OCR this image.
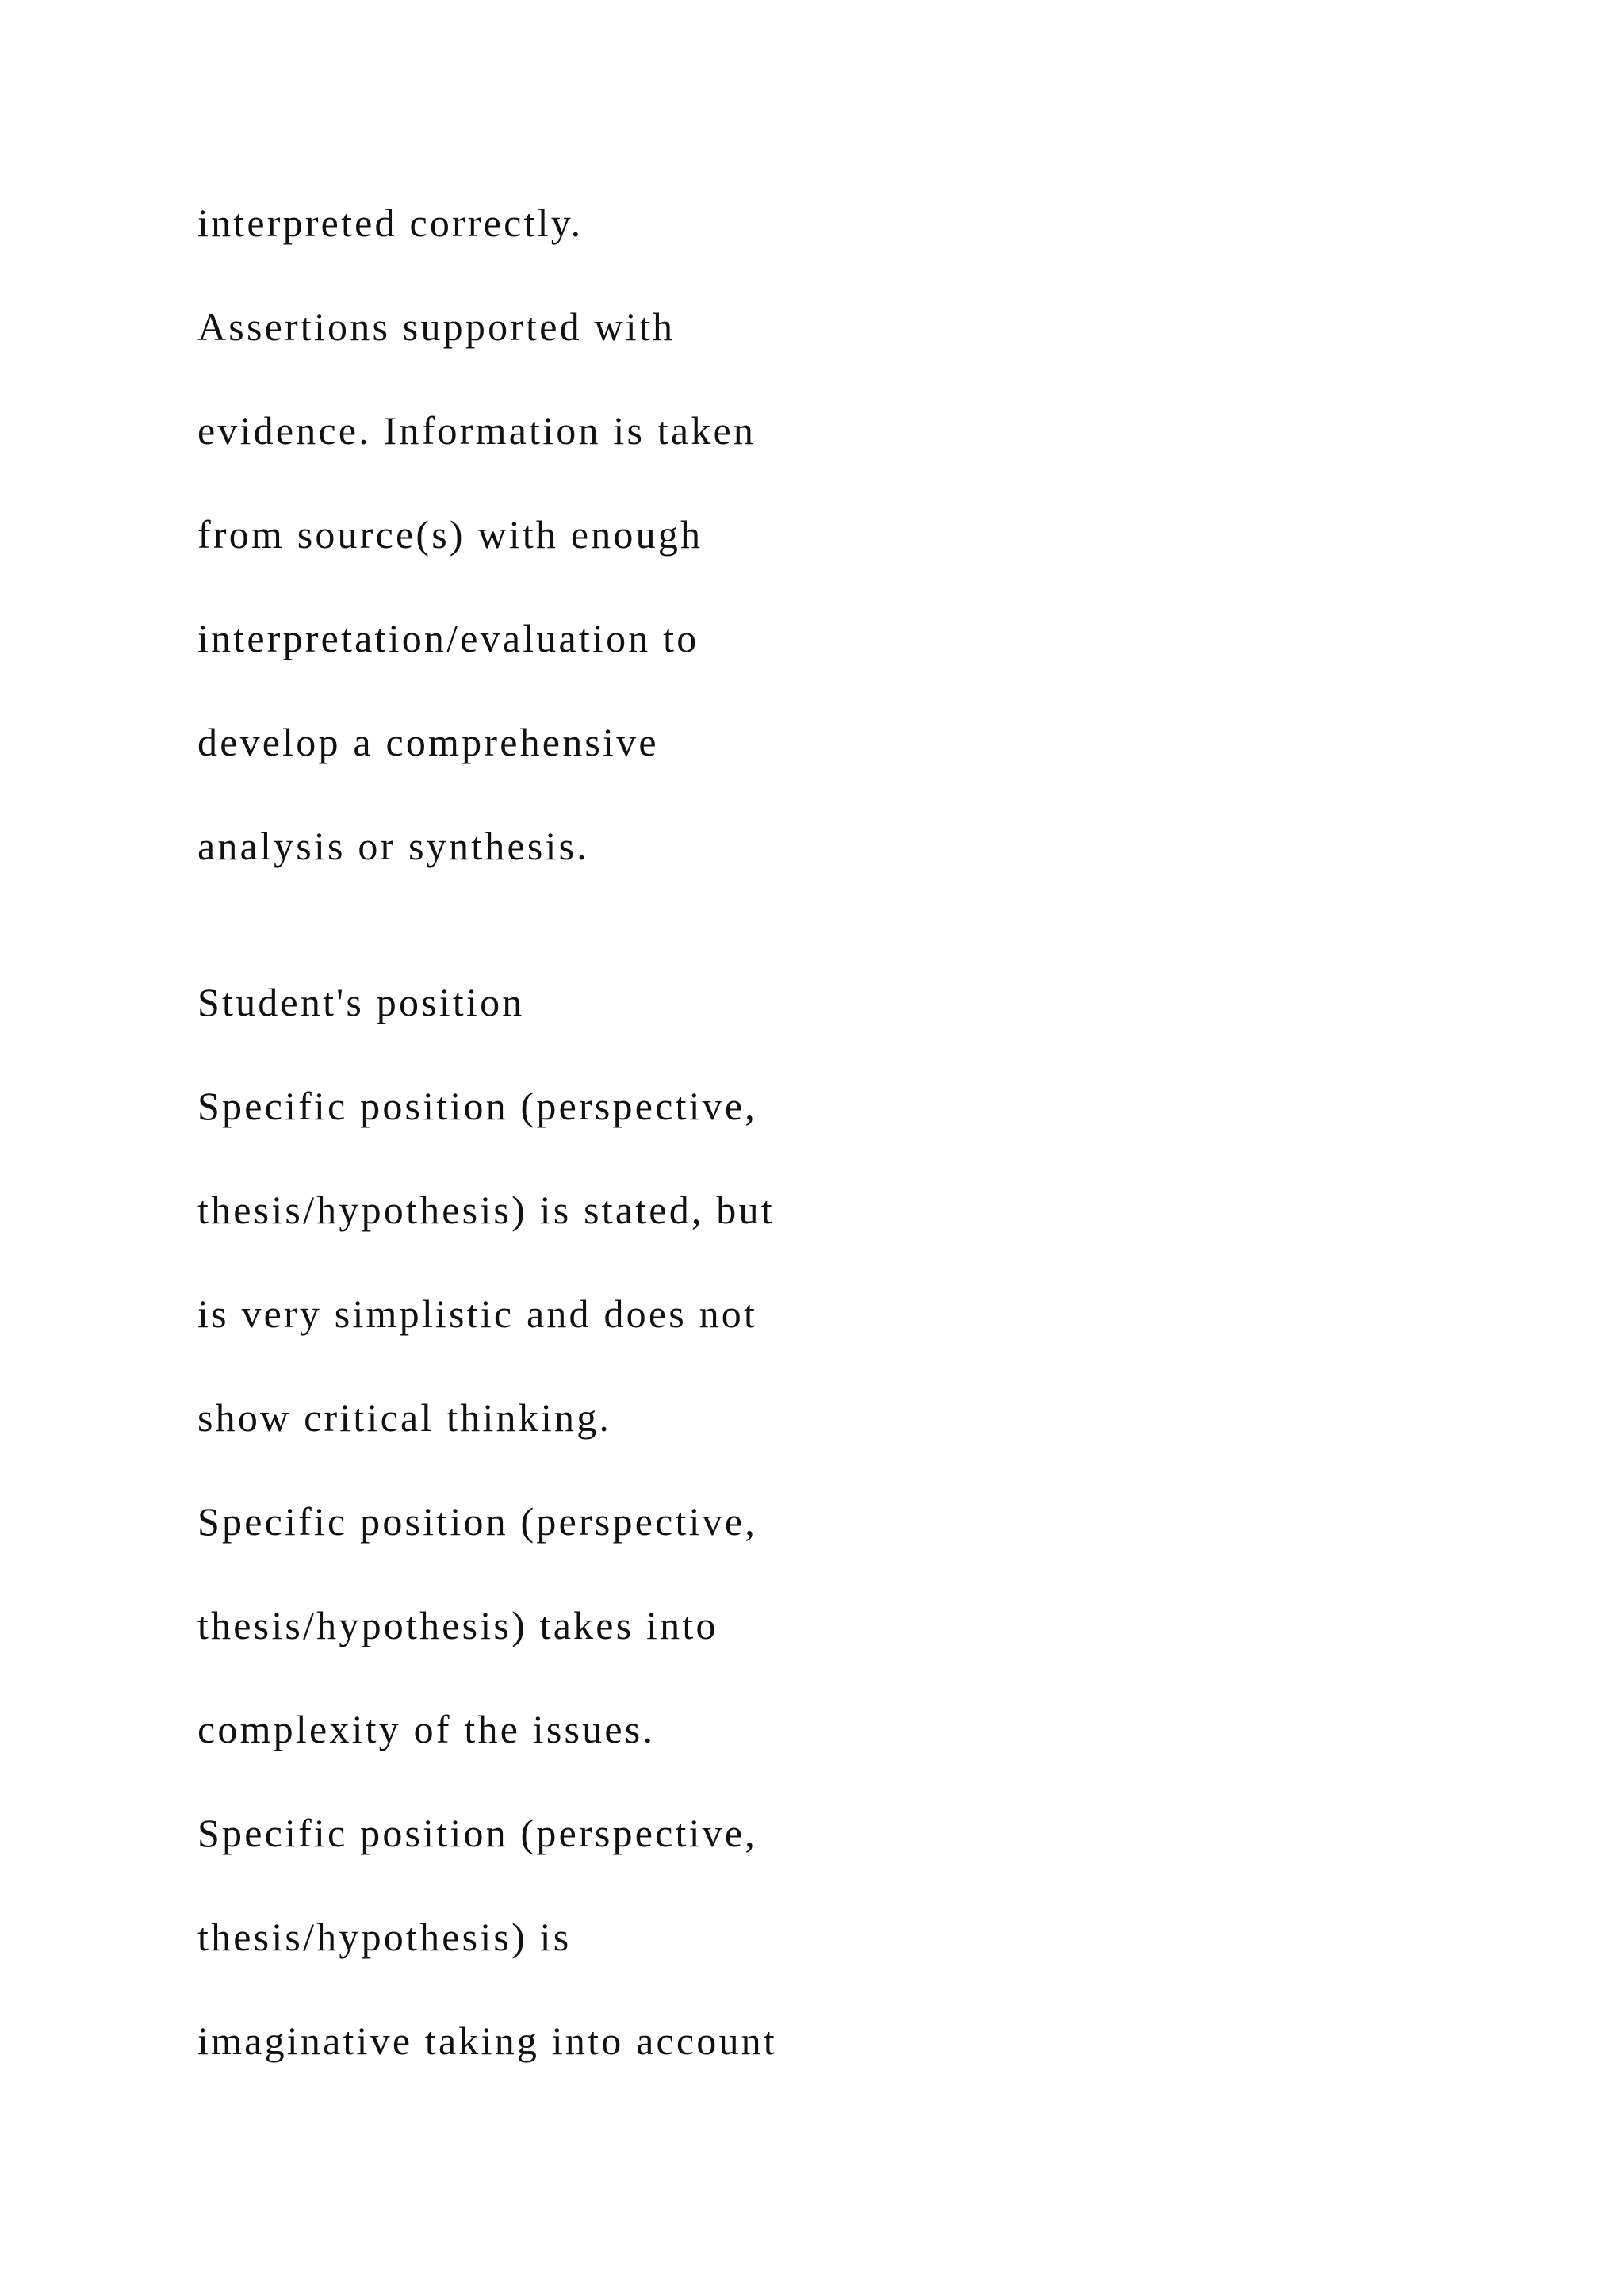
interpreted correctly.

Assertions supported with

evidence. Information is taken

from source(s) with enough

interpretation/evaluation to

develop a comprehensive

analysis or synthesis.

Student's position

Specific position (perspective,

thesis/hypothesis) is stated, but

is very simplistic and does not

show critical thinking.

Specific position (perspective,

thesis/hypothesis) takes into

complexity of the issues.

Specific position (perspective,

thesis/hypothesis) is

imaginative taking into account
